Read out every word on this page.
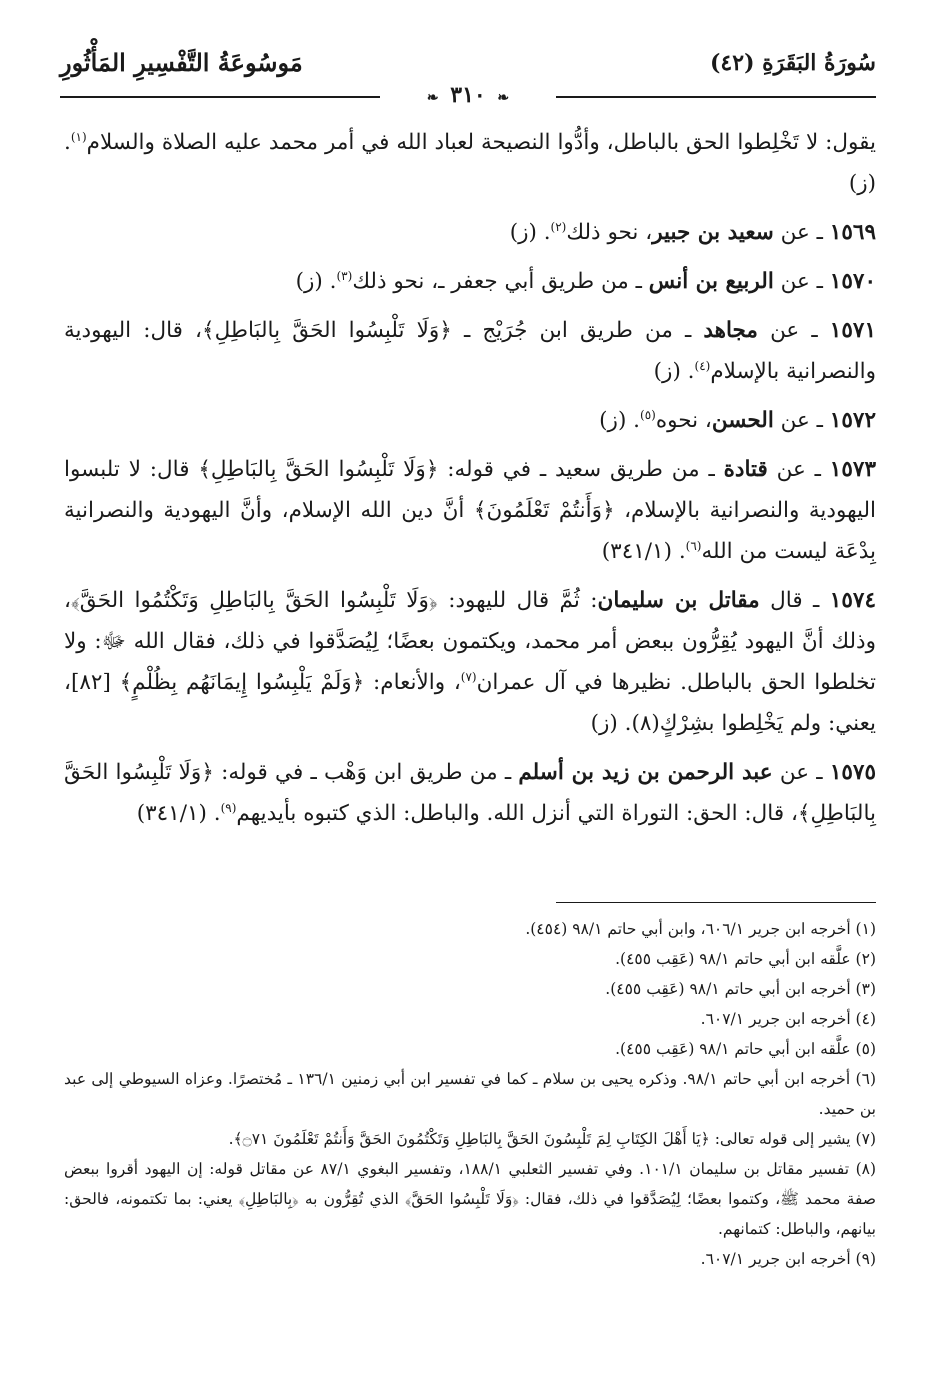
سُورَةُ البَقَرَةِ (٤٢)
مَوسُوعَةُ التَّفْسِيرِ المَأْثُورِ
❧ ٣١٠ ❧

يقول: لا تَخْلِطوا الحق بالباطل، وأدُّوا النصيحة لعباد الله في أمر محمد عليه الصلاة والسلام$^{(١)}$. (ز)

١٥٦٩ ـ عن سعيد بن جبير، نحو ذلك$^{(٢)}$. (ز)

١٥٧٠ ـ عن الربيع بن أنس ـ من طريق أبي جعفر ـ، نحو ذلك$^{(٣)}$. (ز)

١٥٧١ ـ عن مجاهد ـ من طريق ابن جُرَيْج ـ ﴿وَلَا تَلْبِسُوا الحَقَّ بِالبَاطِلِ﴾، قال: اليهودية والنصرانية بالإسلام$^{(٤)}$. (ز)

١٥٧٢ ـ عن الحسن، نحوه$^{(٥)}$. (ز)

١٥٧٣ ـ عن قتادة ـ من طريق سعيد ـ في قوله: ﴿وَلَا تَلْبِسُوا الحَقَّ بِالبَاطِلِ﴾ قال: لا تلبسوا اليهودية والنصرانية بالإسلام، ﴿وَأَنتُمْ تَعْلَمُونَ﴾ أنَّ دين الله الإسلام، وأنَّ اليهودية والنصرانية بِدْعَة ليست من الله$^{(٦)}$. (٣٤١/١)

١٥٧٤ ـ قال مقاتل بن سليمان: ثُمَّ قال لليهود: ﴿وَلَا تَلْبِسُوا الحَقَّ بِالبَاطِلِ وَتَكْتُمُوا الحَقَّ﴾، وذلك أنَّ اليهود يُقِرُّون ببعض أمر محمد، ويكتمون بعضًا؛ لِيُصَدَّقوا في ذلك، فقال الله ﷻ: ولا تخلطوا الحق بالباطل. نظيرها في آل عمران$^{(٧)}$، والأنعام: ﴿وَلَمْ يَلْبِسُوا إِيمَانَهُم بِظُلْمٍ﴾ [٨٢]، يعني: ولم يَخْلِطوا بشِرْكٍ(٨). (ز)

١٥٧٥ ـ عن عبد الرحمن بن زيد بن أسلم ـ من طريق ابن وَهْب ـ في قوله: ﴿وَلَا تَلْبِسُوا الحَقَّ بِالبَاطِلِ﴾، قال: الحق: التوراة التي أنزل الله. والباطل: الذي كتبوه بأيديهم$^{(٩)}$. (٣٤١/١)

(١) أخرجه ابن جرير ٦٠٦/١، وابن أبي حاتم ٩٨/١ (٤٥٤).

(٢) علَّقه ابن أبي حاتم ٩٨/١ (عَقِب ٤٥٥).

(٣) أخرجه ابن أبي حاتم ٩٨/١ (عَقِب ٤٥٥).

(٤) أخرجه ابن جرير ٦٠٧/١.

(٥) علَّقه ابن أبي حاتم ٩٨/١ (عَقِب ٤٥٥).

(٦) أخرجه ابن أبي حاتم ٩٨/١. وذكره يحيى بن سلام ـ كما في تفسير ابن أبي زمنين ١٣٦/١ ـ مُختصرًا. وعزاه السيوطي إلى عبد بن حميد.

(٧) يشير إلى قوله تعالى: ﴿يَا أَهْلَ الكِتَابِ لِمَ تَلْبِسُونَ الحَقَّ بِالبَاطِلِ وَتَكْتُمُونَ الحَقَّ وَأَنتُمْ تَعْلَمُونَ ۝٧١﴾.

(٨) تفسير مقاتل بن سليمان ١٠١/١. وفي تفسير الثعلبي ١٨٨/١، وتفسير البغوي ٨٧/١ عن مقاتل قوله: إن اليهود أقروا ببعض صفة محمد ﷺ، وكتموا بعضًا؛ لِيُصَدَّقوا في ذلك، فقال: ﴿وَلَا تَلْبِسُوا الحَقَّ﴾ الذي تُقِرُّون به ﴿بِالبَاطِلِ﴾ يعني: بما تكتمونه، فالحق: بيانهم، والباطل: كتمانهم.

(٩) أخرجه ابن جرير ٦٠٧/١.
